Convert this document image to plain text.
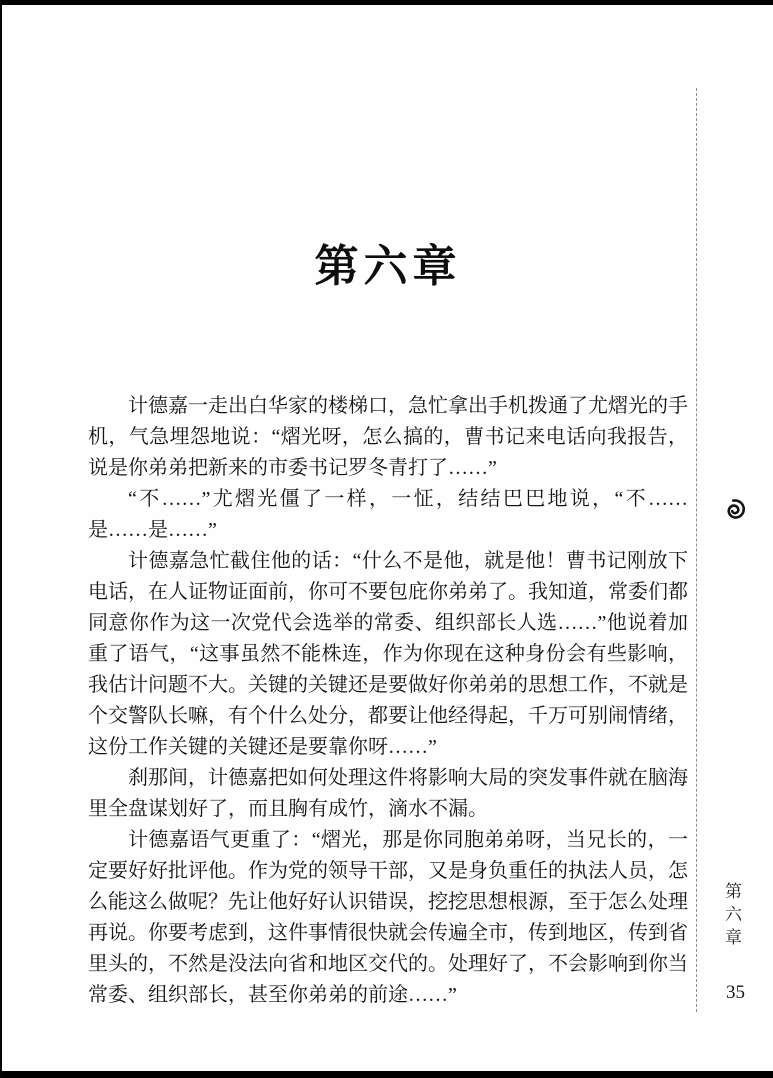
第六章

计德嘉一走出白华家的楼梯口，急忙拿出手机拨通了尤熠光的手机，气急埋怨地说：“熠光呀，怎么搞的，曹书记来电话向我报告，说是你弟弟把新来的市委书记罗冬青打了……”

“不……”尤熠光僵了一样，一怔，结结巴巴地说，“不……是……是……”

计德嘉急忙截住他的话：“什么不是他，就是他！曹书记刚放下电话，在人证物证面前，你可不要包庇你弟弟了。我知道，常委们都同意你作为这一次党代会选举的常委、组织部长人选……”他说着加重了语气，“这事虽然不能株连，作为你现在这种身份会有些影响，我估计问题不大。关键的关键还是要做好你弟弟的思想工作，不就是个交警队长嘛，有个什么处分，都要让他经得起，千万可别闹情绪，这份工作关键的关键还是要靠你呀……”

刹那间，计德嘉把如何处理这件将影响大局的突发事件就在脑海里全盘谋划好了，而且胸有成竹，滴水不漏。

计德嘉语气更重了：“熠光，那是你同胞弟弟呀，当兄长的，一定要好好批评他。作为党的领导干部，又是身负重任的执法人员，怎么能这么做呢？先让他好好认识错误，挖挖思想根源，至于怎么处理再说。你要考虑到，这件事情很快就会传遍全市，传到地区，传到省里头的，不然是没法向省和地区交代的。处理好了，不会影响到你当常委、组织部长，甚至你弟弟的前途……”

第六章
35
